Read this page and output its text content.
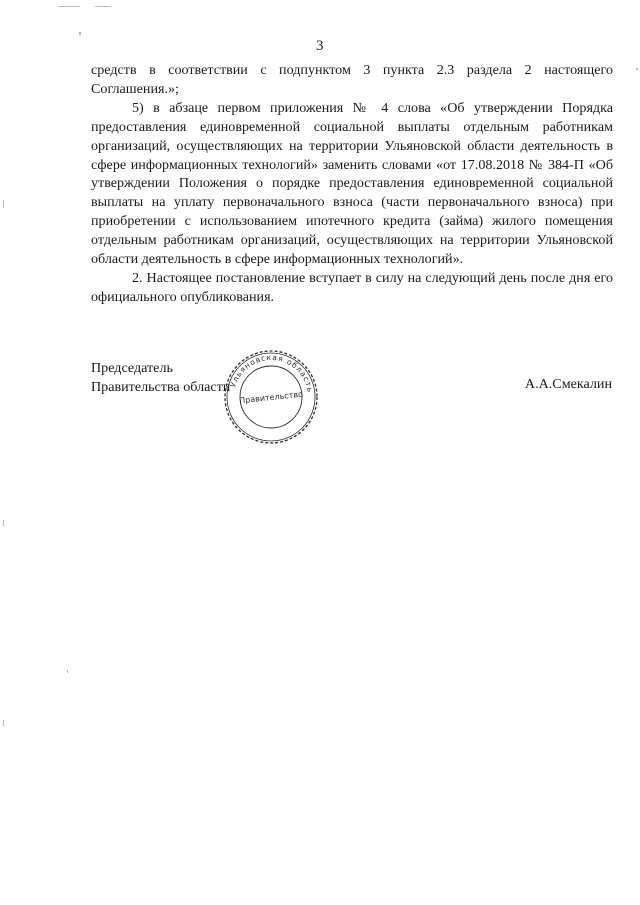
3

средств в соответствии с подпунктом 3 пункта 2.3 раздела 2 настоящего Соглашения.»;

5) в абзаце первом приложения № 4 слова «Об утверждении Порядка предоставления единовременной социальной выплаты отдельным работникам организаций, осуществляющих на территории Ульяновской области деятельность в сфере информационных технологий» заменить словами «от 17.08.2018 № 384-П «Об утверждении Положения о порядке предоставления единовременной социальной выплаты на уплату первоначального взноса (части первоначального взноса) при приобретении с использованием ипотечного кредита (займа) жилого помещения отдельным работникам организаций, осуществляющих на территории Ульяновской области деятельность в сфере информационных технологий».

2. Настоящее постановление вступает в силу на следующий день после дня его официального опубликования.

Председатель
Правительства области
Ульяновская область
Правительство
А.А.Смекалин
